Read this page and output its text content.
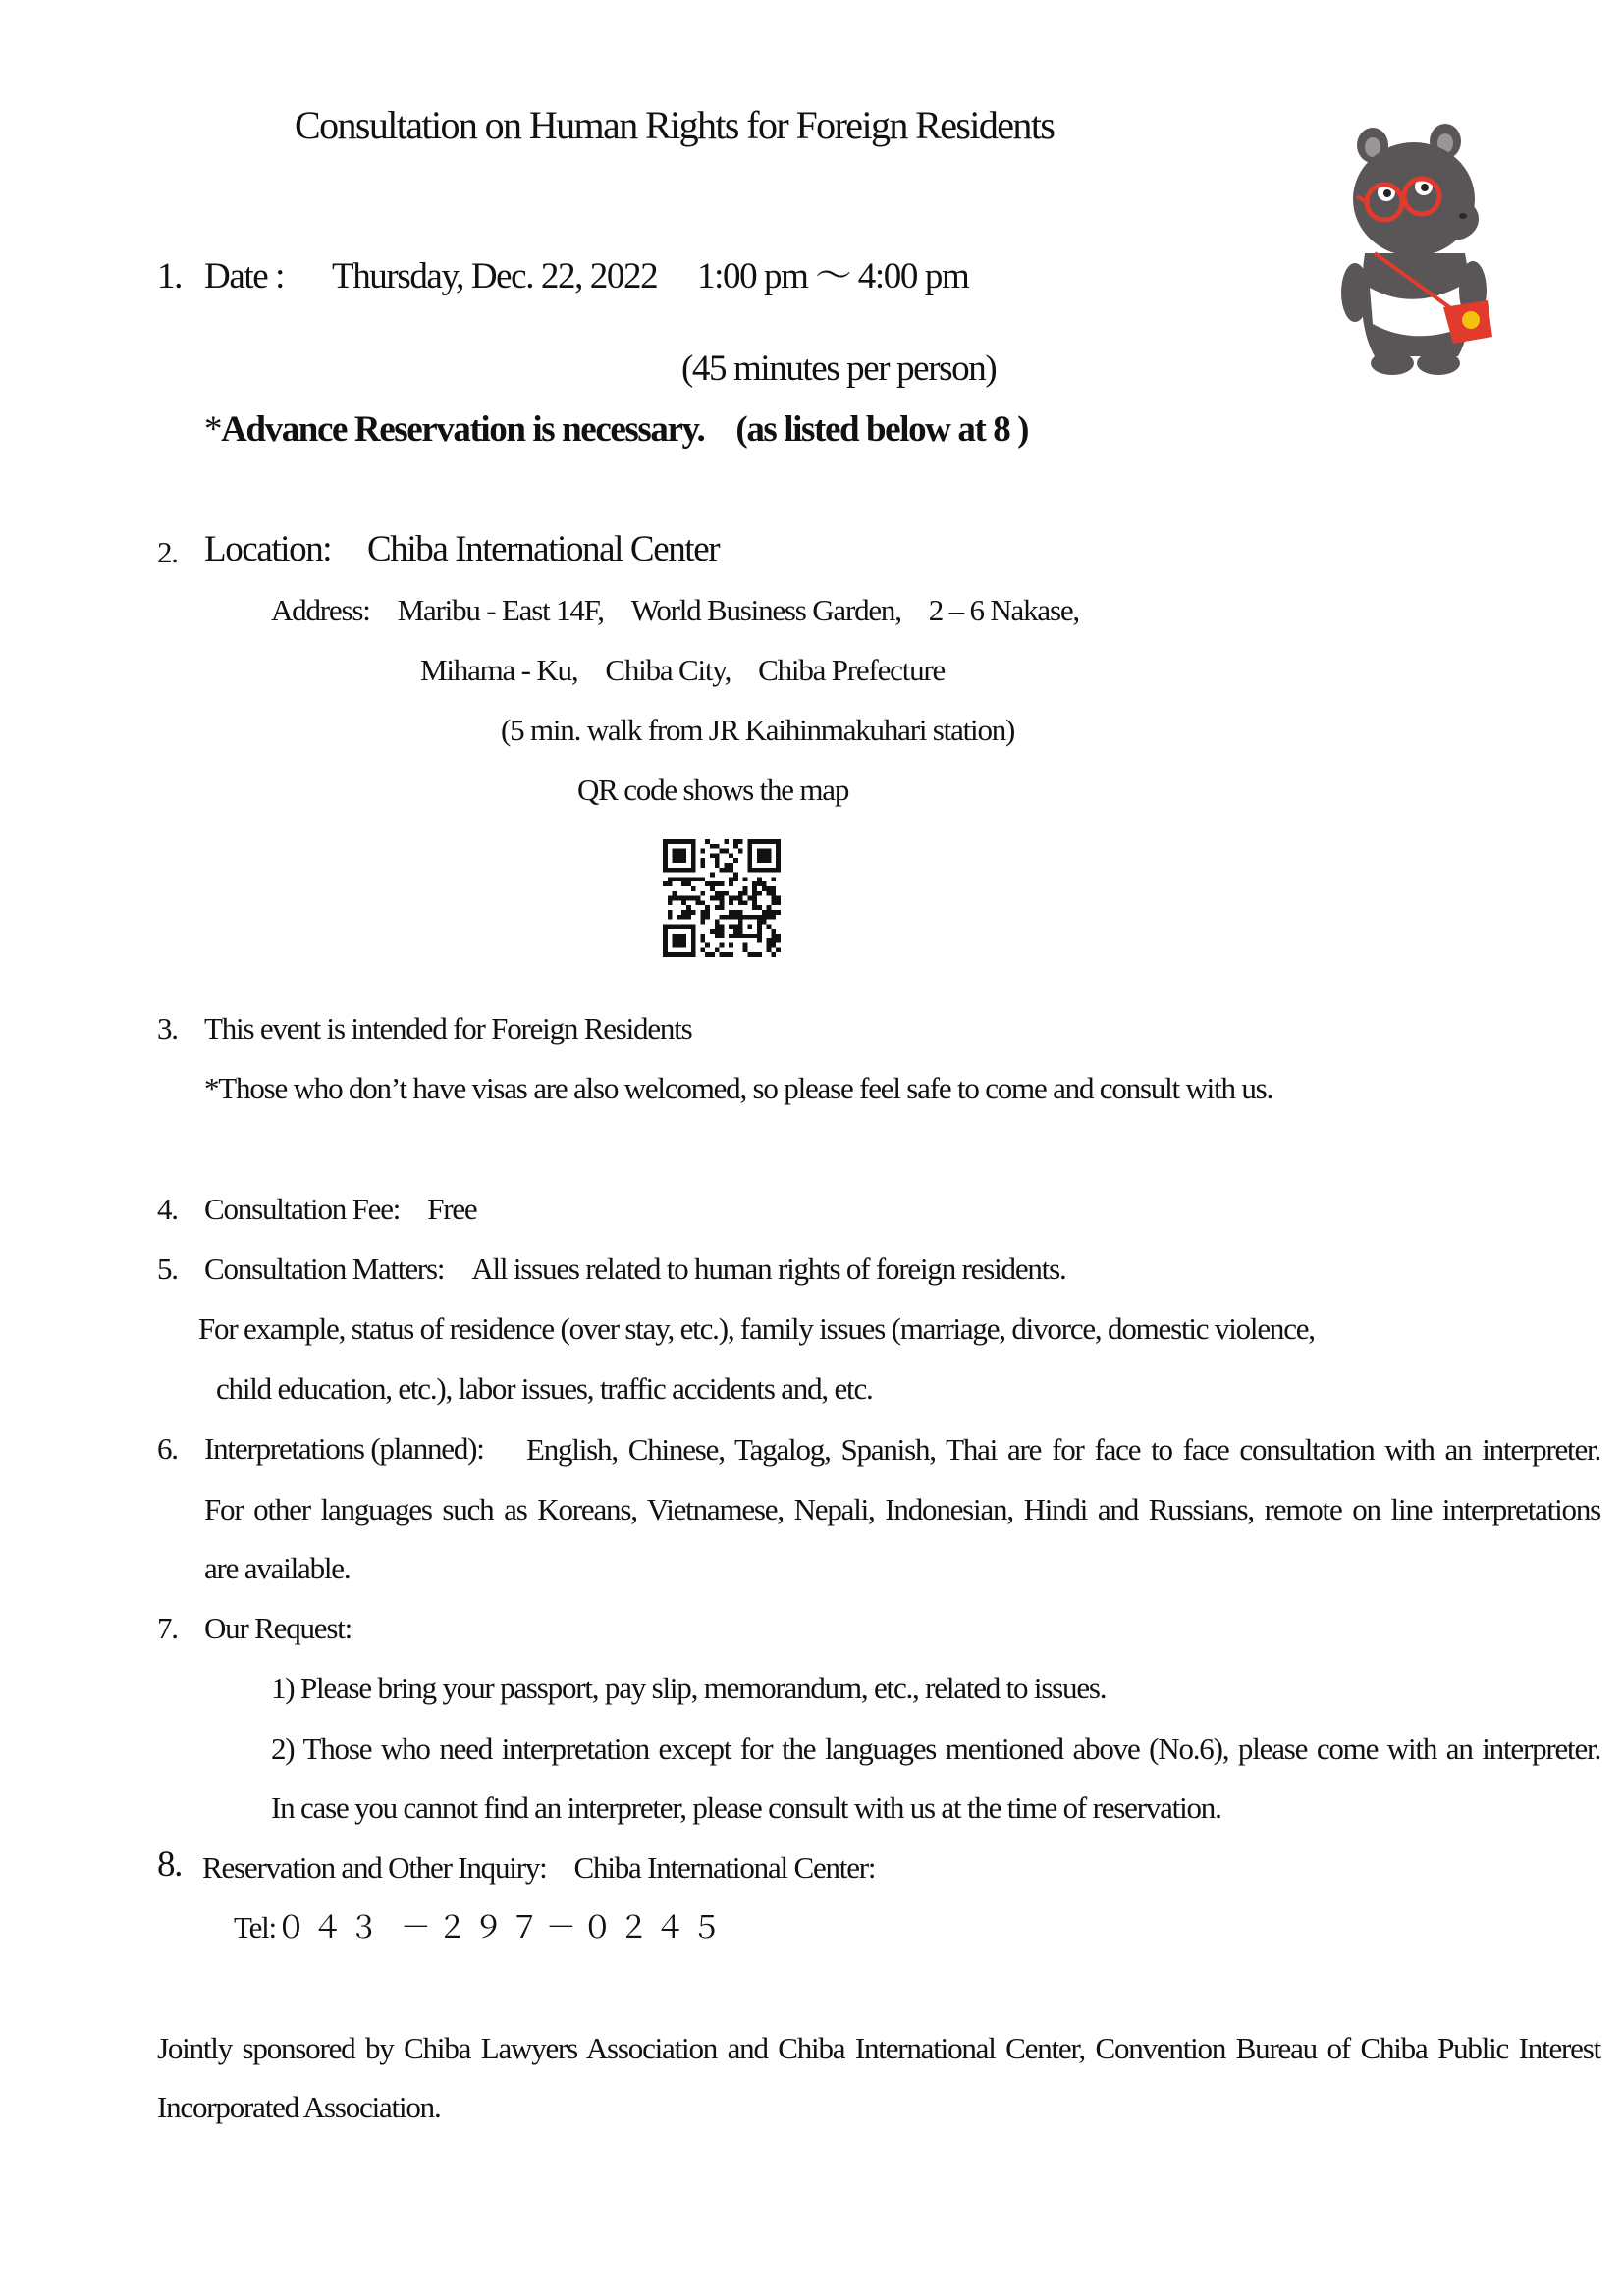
Consultation on Human Rights for Foreign Residents
1. Date : Thursday, Dec. 22, 2022 1:00 pm ～ 4:00 pm
(45 minutes per person)
*Advance Reservation is necessary. (as listed below at 8 )
2. Location: Chiba International Center
Address: Maribu - East 14F, World Business Garden, 2 – 6 Nakase,
Mihama - Ku, Chiba City, Chiba Prefecture
(5 min. walk from JR Kaihinmakuhari station)
QR code shows the map
3. This event is intended for Foreign Residents
*Those who don’t have visas are also welcomed, so please feel safe to come and consult with us.
4. Consultation Fee: Free
5. Consultation Matters: All issues related to human rights of foreign residents.
For example, status of residence (over stay, etc.), family issues (marriage, divorce, domestic violence,
child education, etc.), labor issues, traffic accidents and, etc.
6. Interpretations (planned): English, Chinese, Tagalog, Spanish, Thai are for face to face consultation with an interpreter.
For other languages such as Koreans, Vietnamese, Nepali, Indonesian, Hindi and Russians, remote on line interpretations
are available.
7. Our Request:
1) Please bring your passport, pay slip, memorandum, etc., related to issues.
2) Those who need interpretation except for the languages mentioned above (No.6), please come with an interpreter.
In case you cannot find an interpreter, please consult with us at the time of reservation.
8. Reservation and Other Inquiry: Chiba International Center:
Tel:０４３ －２９７－０２４５
Jointly sponsored by Chiba Lawyers Association and Chiba International Center, Convention Bureau of Chiba Public Interest
Incorporated Association.
